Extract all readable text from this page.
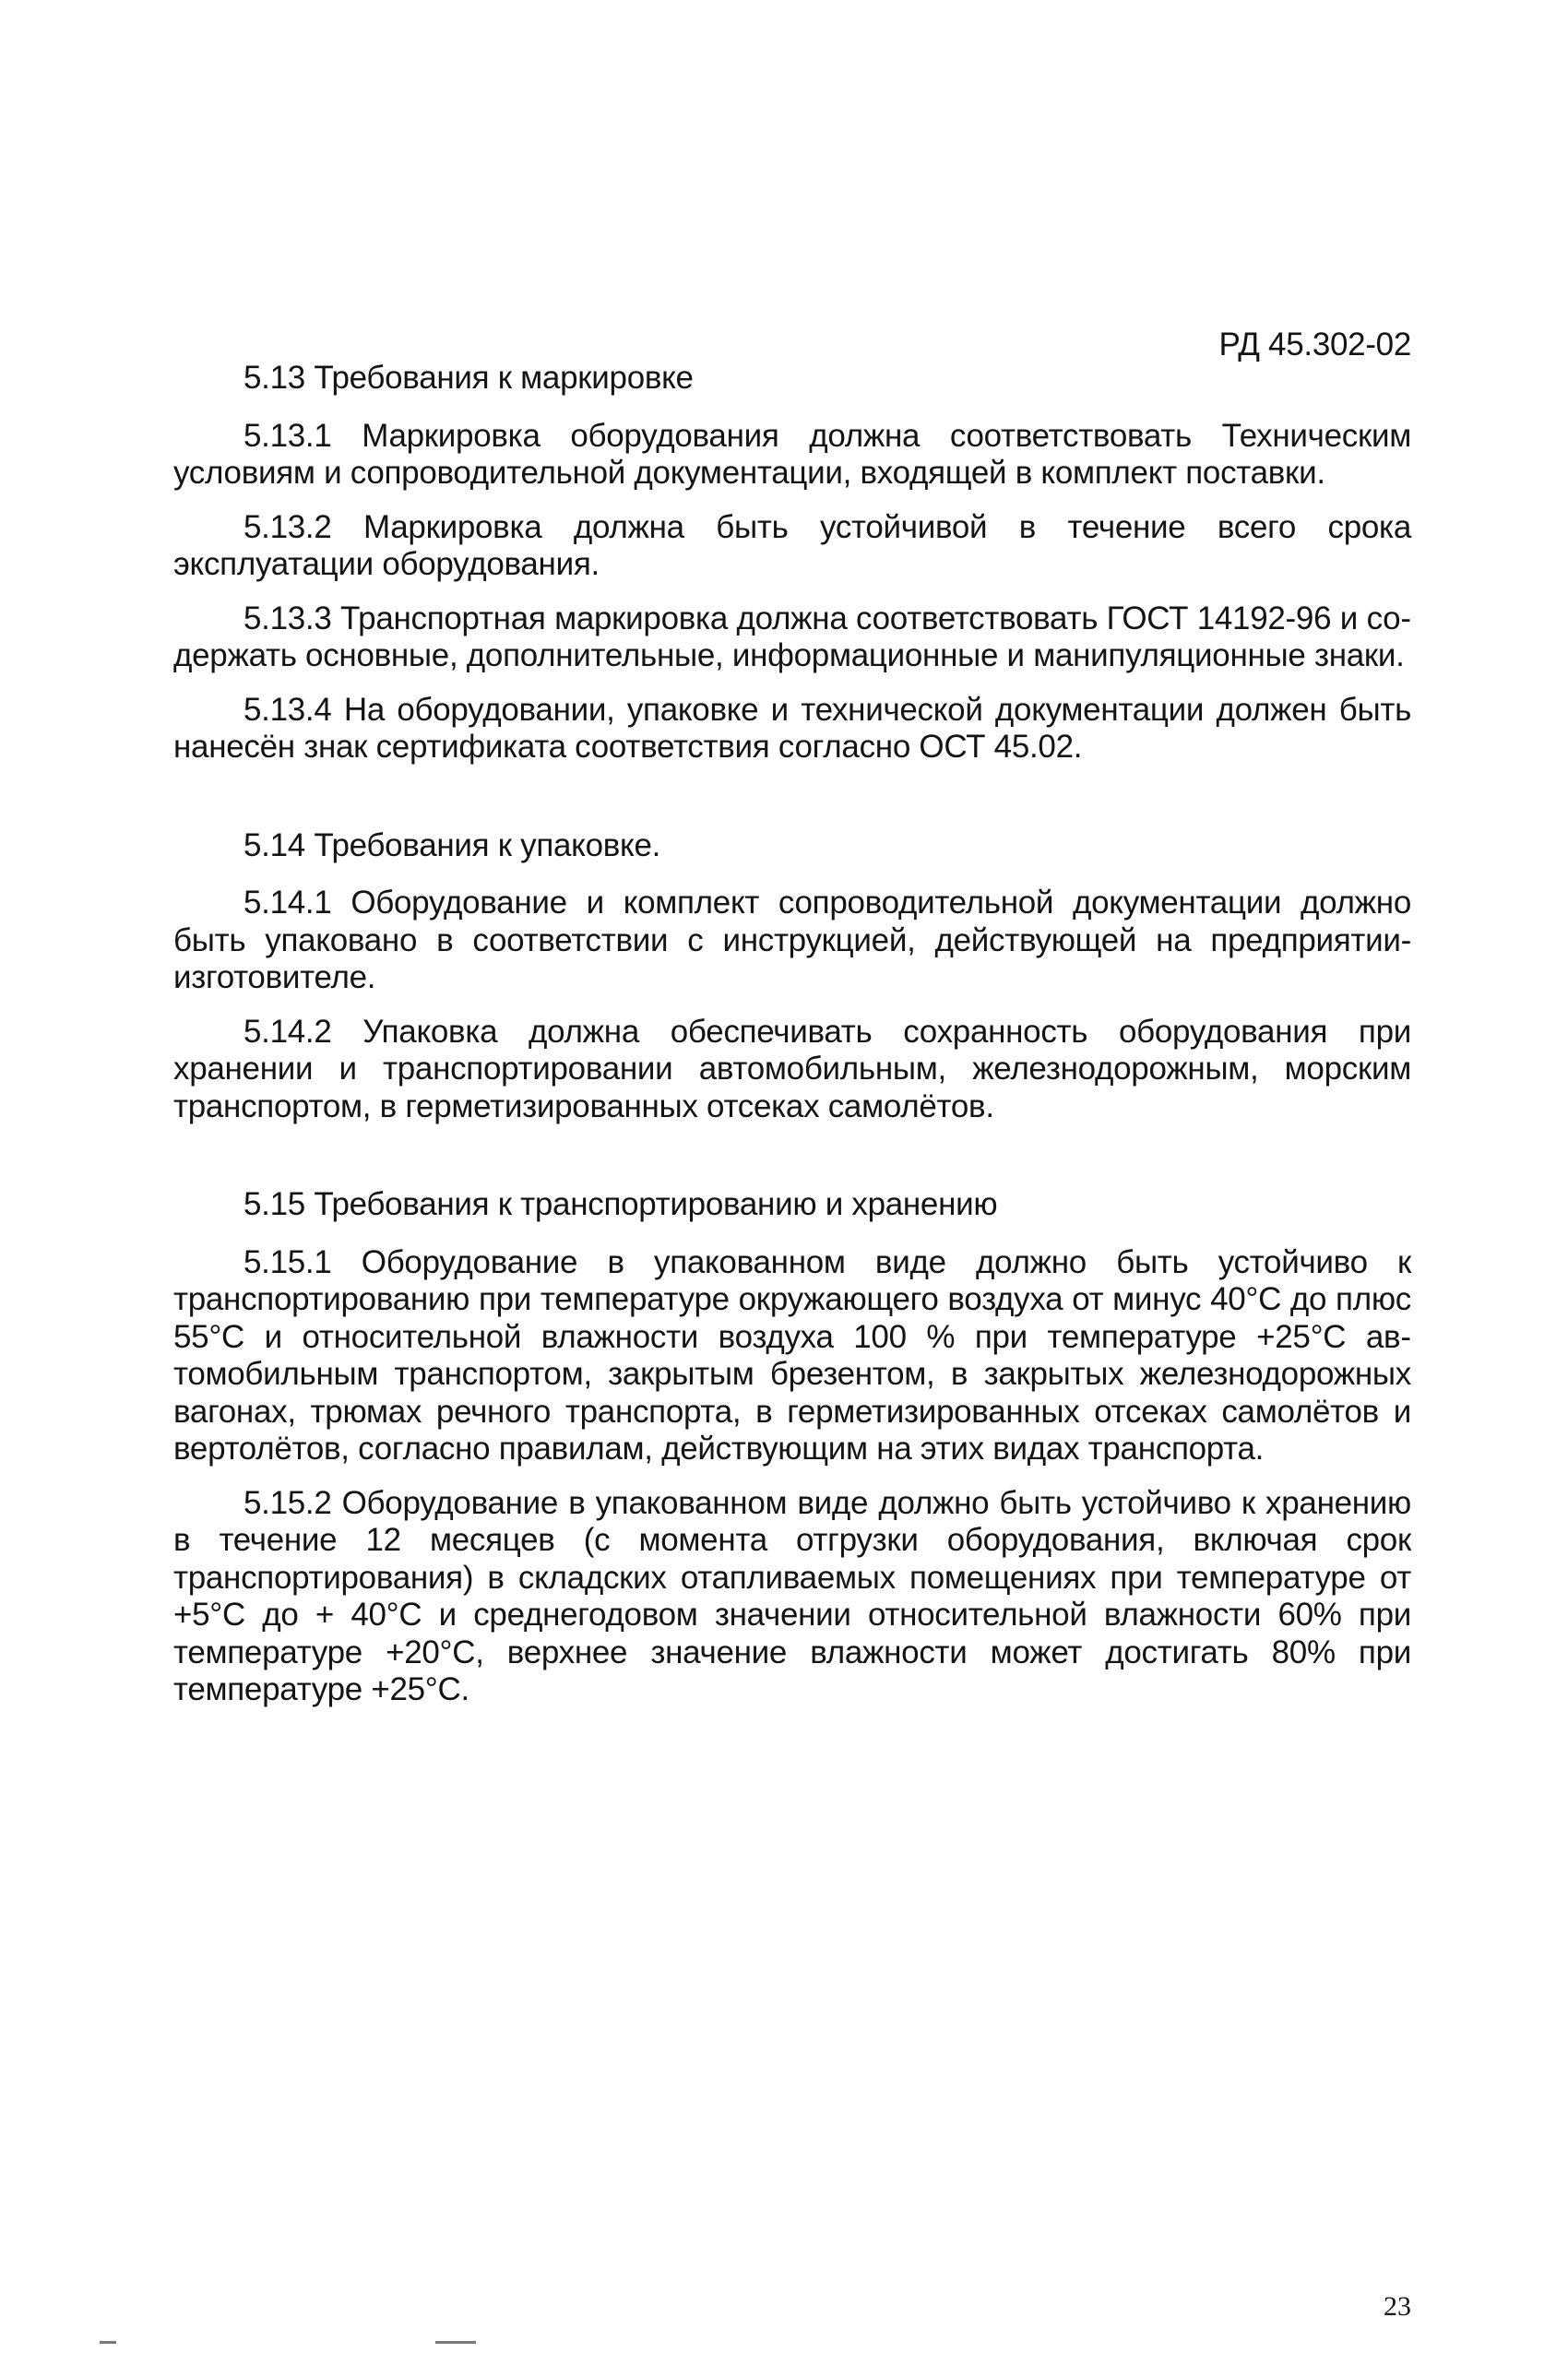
РД 45.302-02

5.13 Требования к маркировке

5.13.1 Маркировка оборудования должна соответствовать Техническим условиям и сопроводительной документации, входящей в комплект поставки.

5.13.2 Маркировка должна быть устойчивой в течение всего срока эксплуатации оборудования.

5.13.3 Транспортная маркировка должна соответствовать ГОСТ 14192-96 и содержать основные, дополнительные, информационные и манипуляционные знаки.

5.13.4 На оборудовании, упаковке и технической документации должен быть нанесён знак сертификата соответствия согласно ОСТ 45.02.

5.14 Требования к упаковке.

5.14.1 Оборудование и комплект сопроводительной документации должно быть упаковано в соответствии с инструкцией, действующей на предприятии-изготовителе.

5.14.2 Упаковка должна обеспечивать сохранность оборудования при хранении и транспортировании автомобильным, железнодорожным, морским транспортом, в герметизированных отсеках самолётов.

5.15 Требования к транспортированию и хранению

5.15.1 Оборудование в упакованном виде должно быть устойчиво к транспортированию при температуре окружающего воздуха от минус 40°С до плюс 55°С и относительной влажности воздуха 100 % при температуре +25°С автомобильным транспортом, закрытым брезентом, в закрытых железнодорожных вагонах, трюмах речного транспорта, в герметизированных отсеках самолётов и вертолётов, согласно правилам, действующим на этих видах транспорта.

5.15.2 Оборудование в упакованном виде должно быть устойчиво к хранению в течение 12 месяцев (с момента отгрузки оборудования, включая срок транспортирования) в складских отапливаемых помещениях при температуре от +5°С до + 40°С и среднегодовом значении относительной влажности 60% при температуре +20°С, верхнее значение влажности может достигать 80% при температуре +25°С.

23
